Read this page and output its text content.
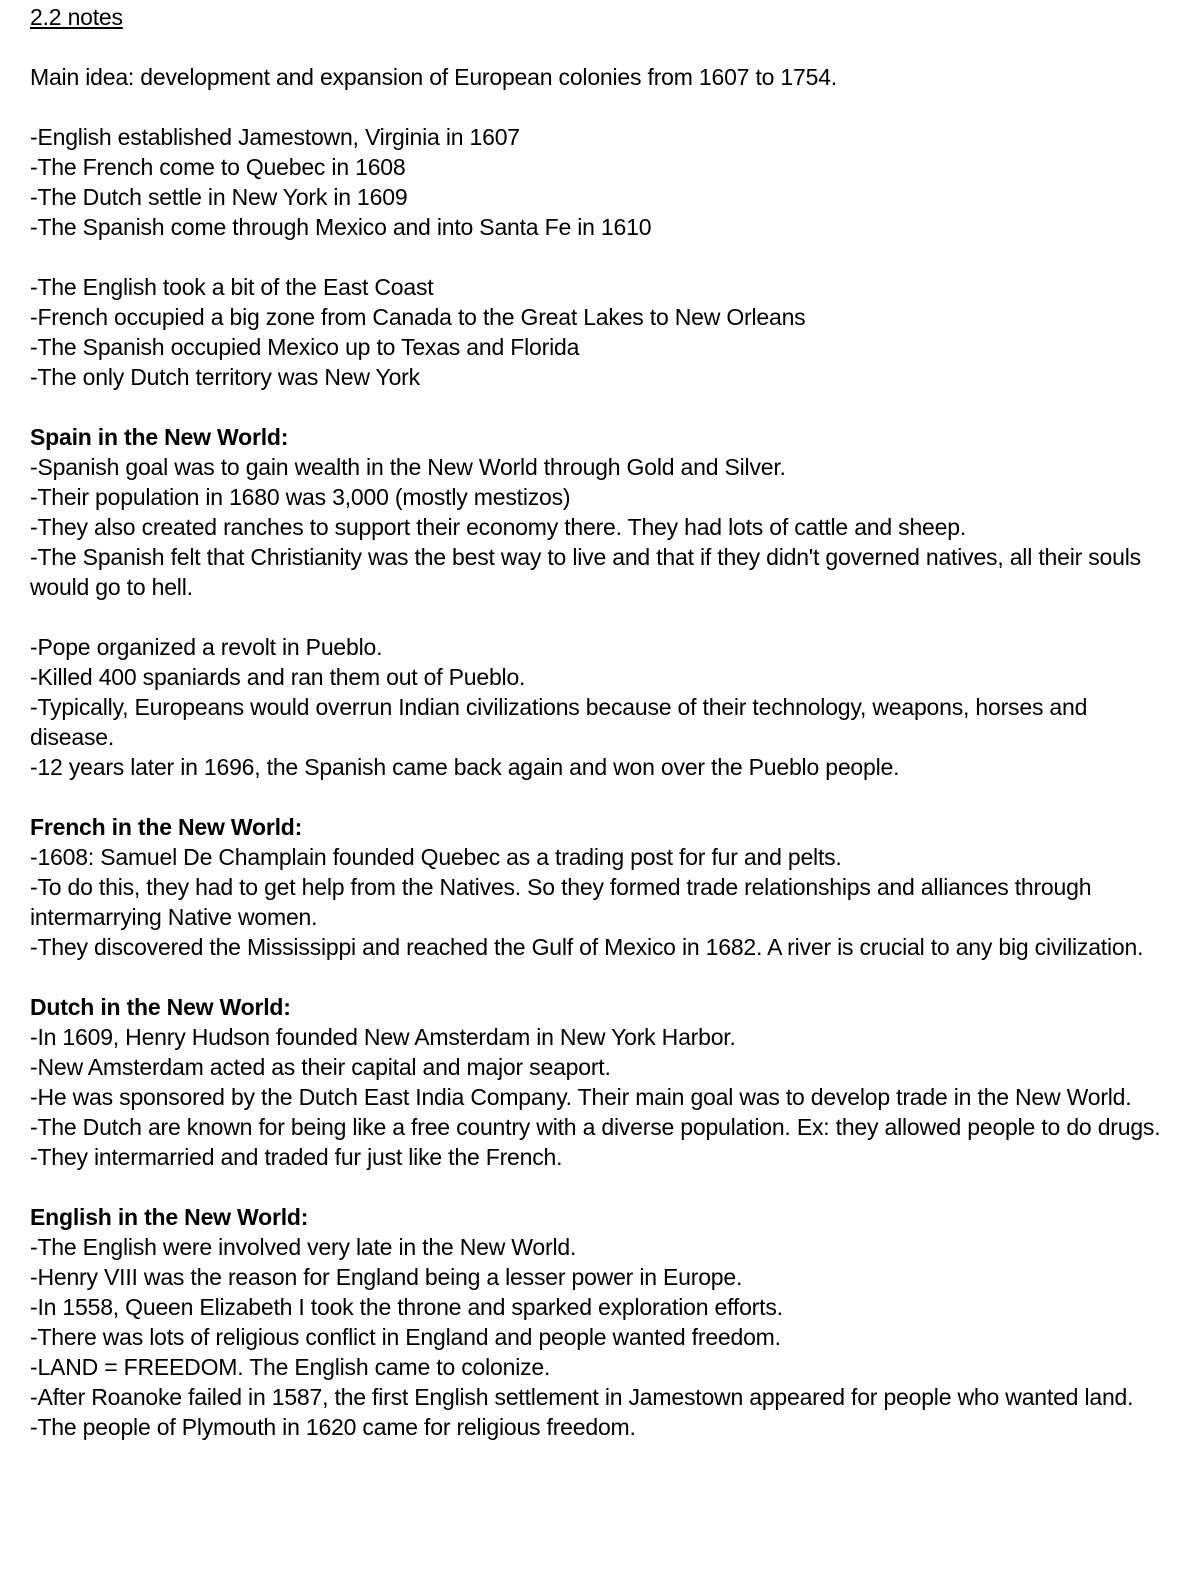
2.2 notes

Main idea: development and expansion of European colonies from 1607 to 1754.

-English established Jamestown, Virginia in 1607

-The French come to Quebec in 1608

-The Dutch settle in New York in 1609

-The Spanish come through Mexico and into Santa Fe in 1610

-The English took a bit of the East Coast

-French occupied a big zone from Canada to the Great Lakes to New Orleans

-The Spanish occupied Mexico up to Texas and Florida

-The only Dutch territory was New York

Spain in the New World:

-Spanish goal was to gain wealth in the New World through Gold and Silver.

-Their population in 1680 was 3,000 (mostly mestizos)

-They also created ranches to support their economy there. They had lots of cattle and sheep.

-The Spanish felt that Christianity was the best way to live and that if they didn't governed natives, all their souls would go to hell.

-Pope organized a revolt in Pueblo.

-Killed 400 spaniards and ran them out of Pueblo.

-Typically, Europeans would overrun Indian civilizations because of their technology, weapons, horses and disease.

-12 years later in 1696, the Spanish came back again and won over the Pueblo people.

French in the New World:

-1608: Samuel De Champlain founded Quebec as a trading post for fur and pelts.

-To do this, they had to get help from the Natives. So they formed trade relationships and alliances through intermarrying Native women.

-They discovered the Mississippi and reached the Gulf of Mexico in 1682. A river is crucial to any big civilization.

Dutch in the New World:

-In 1609, Henry Hudson founded New Amsterdam in New York Harbor.

-New Amsterdam acted as their capital and major seaport.

-He was sponsored by the Dutch East India Company. Their main goal was to develop trade in the New World.

-The Dutch are known for being like a free country with a diverse population. Ex: they allowed people to do drugs.

-They intermarried and traded fur just like the French.

English in the New World:

-The English were involved very late in the New World.

-Henry VIII was the reason for England being a lesser power in Europe.

-In 1558, Queen Elizabeth I took the throne and sparked exploration efforts.

-There was lots of religious conflict in England and people wanted freedom.

-LAND = FREEDOM. The English came to colonize.

-After Roanoke failed in 1587, the first English settlement in Jamestown appeared for people who wanted land.

-The people of Plymouth in 1620 came for religious freedom.
